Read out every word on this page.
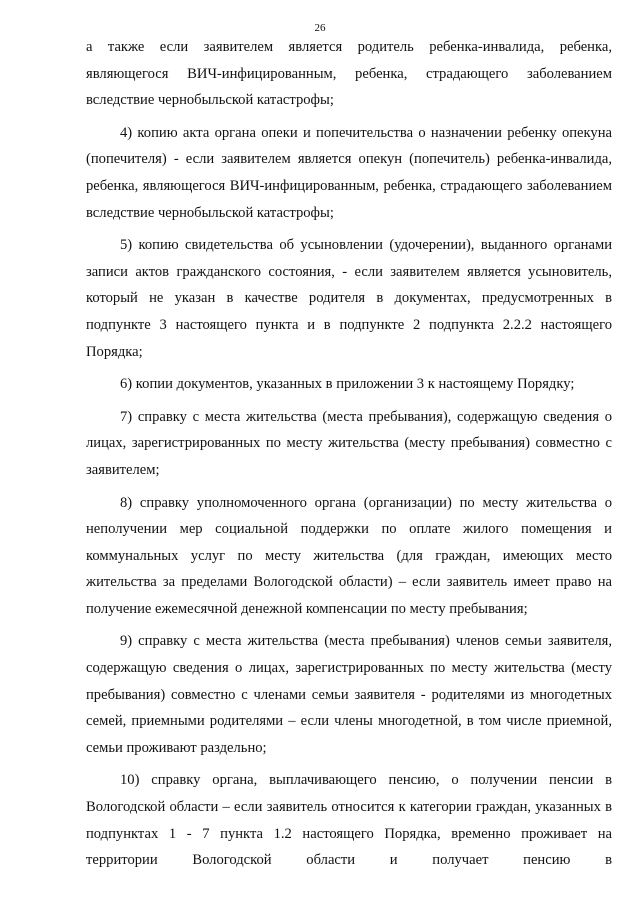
26

а также если заявителем является родитель ребенка-инвалида, ребенка, являющегося ВИЧ-инфицированным, ребенка, страдающего заболеванием вследствие чернобыльской катастрофы;

4) копию акта органа опеки и попечительства о назначении ребенку опекуна (попечителя) - если заявителем является опекун (попечитель) ребенка-инвалида, ребенка, являющегося ВИЧ-инфицированным, ребенка, страдающего заболеванием вследствие чернобыльской катастрофы;

5) копию свидетельства об усыновлении (удочерении), выданного органами записи актов гражданского состояния, - если заявителем является усыновитель, который не указан в качестве родителя в документах, предусмотренных в подпункте 3 настоящего пункта и в подпункте 2 подпункта 2.2.2 настоящего Порядка;

6) копии документов, указанных в приложении 3 к настоящему Порядку;

7) справку с места жительства (места пребывания), содержащую сведения о лицах, зарегистрированных по месту жительства (месту пребывания) совместно с заявителем;

8) справку уполномоченного органа (организации) по месту жительства о неполучении мер социальной поддержки по оплате жилого помещения и коммунальных услуг по месту жительства (для граждан, имеющих место жительства за пределами Вологодской области) – если заявитель имеет право на получение ежемесячной денежной компенсации по месту пребывания;

9) справку с места жительства (места пребывания) членов семьи заявителя, содержащую сведения о лицах, зарегистрированных по месту жительства (месту пребывания) совместно с членами семьи заявителя - родителями из многодетных семей, приемными родителями – если члены многодетной, в том числе приемной, семьи проживают раздельно;

10) справку органа, выплачивающего пенсию, о получении пенсии в Вологодской области – если заявитель относится к категории граждан, указанных в подпунктах 1 - 7 пункта 1.2 настоящего Порядка, временно проживает на территории Вологодской области и получает пенсию в
